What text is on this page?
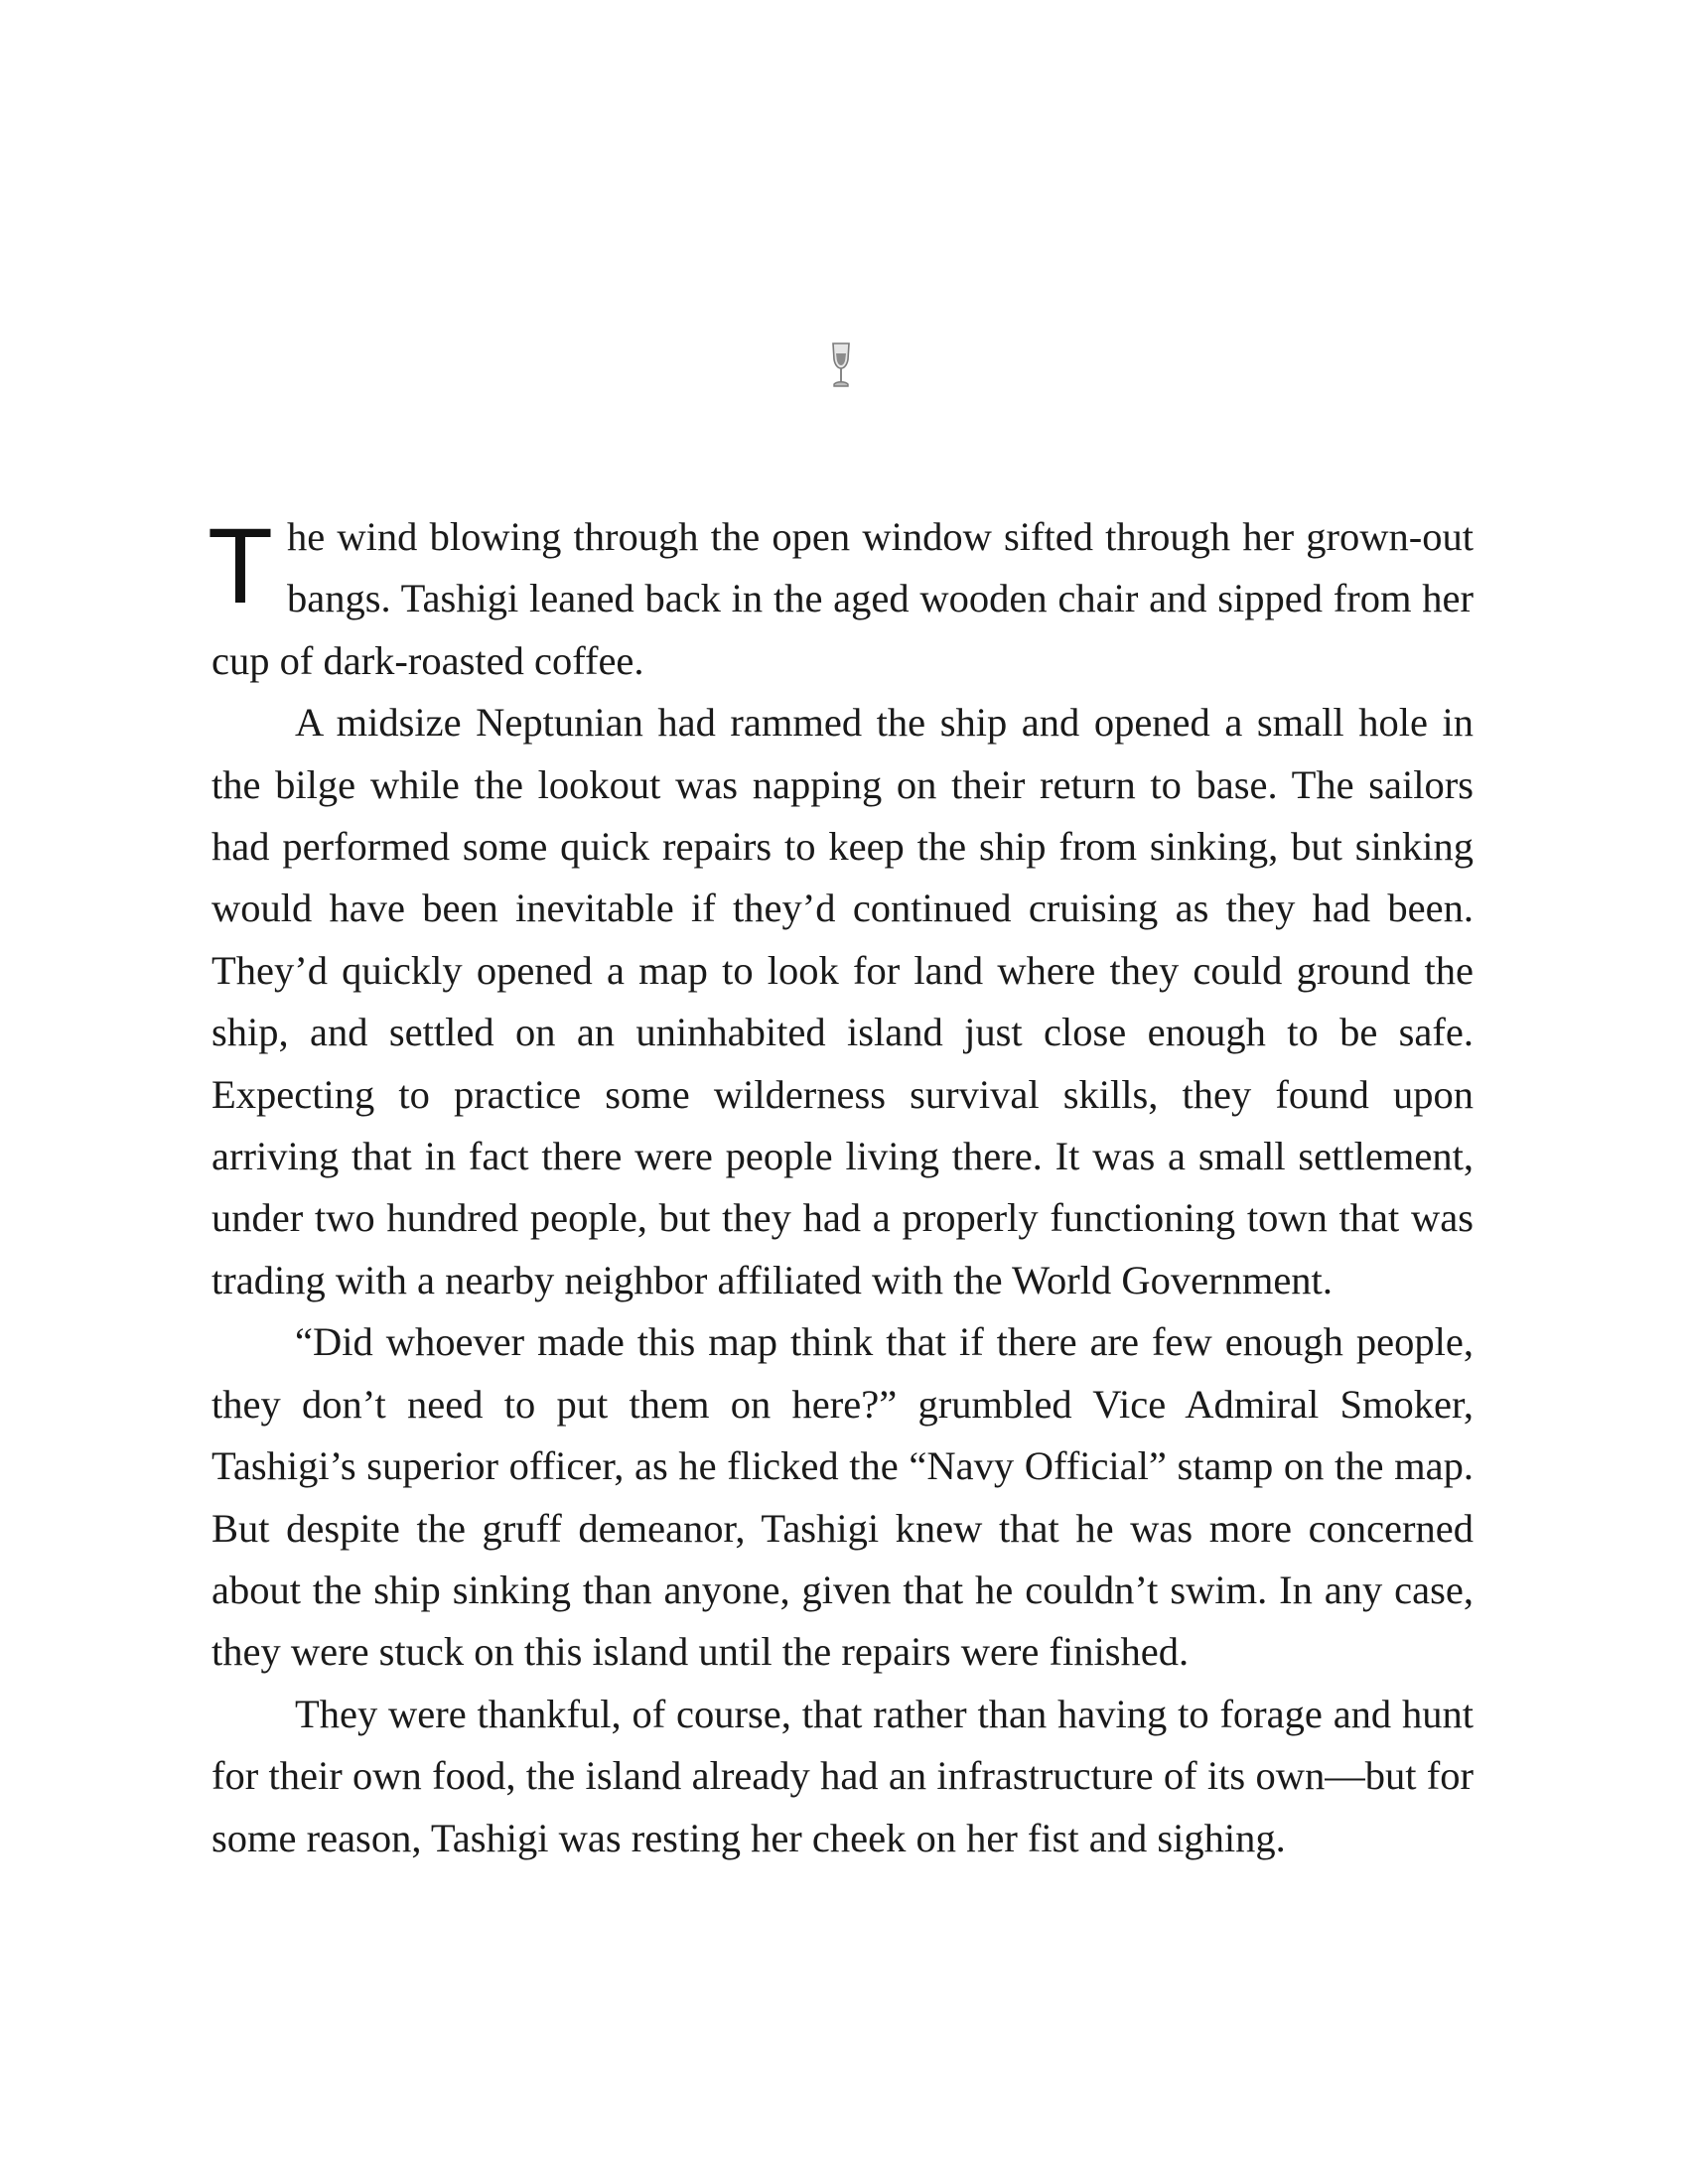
The wind blowing through the open window sifted through her grown-out bangs. Tashigi leaned back in the aged wooden chair and sipped from her cup of dark-roasted coffee.

A midsize Neptunian had rammed the ship and opened a small hole in the bilge while the lookout was napping on their return to base. The sailors had performed some quick repairs to keep the ship from sinking, but sinking would have been inevitable if they’d continued cruising as they had been. They’d quickly opened a map to look for land where they could ground the ship, and settled on an uninhabited island just close enough to be safe. Expecting to practice some wilderness survival skills, they found upon arriving that in fact there were people living there. It was a small settlement, under two hundred people, but they had a properly functioning town that was trading with a nearby neighbor affiliated with the World Government.

“Did whoever made this map think that if there are few enough people, they don’t need to put them on here?” grumbled Vice Admiral Smoker, Tashigi’s superior officer, as he flicked the “Navy Official” stamp on the map. But despite the gruff demeanor, Tashigi knew that he was more concerned about the ship sinking than anyone, given that he couldn’t swim. In any case, they were stuck on this island until the repairs were finished.

They were thankful, of course, that rather than having to forage and hunt for their own food, the island already had an infrastructure of its own—but for some reason, Tashigi was resting her cheek on her fist and sighing.
